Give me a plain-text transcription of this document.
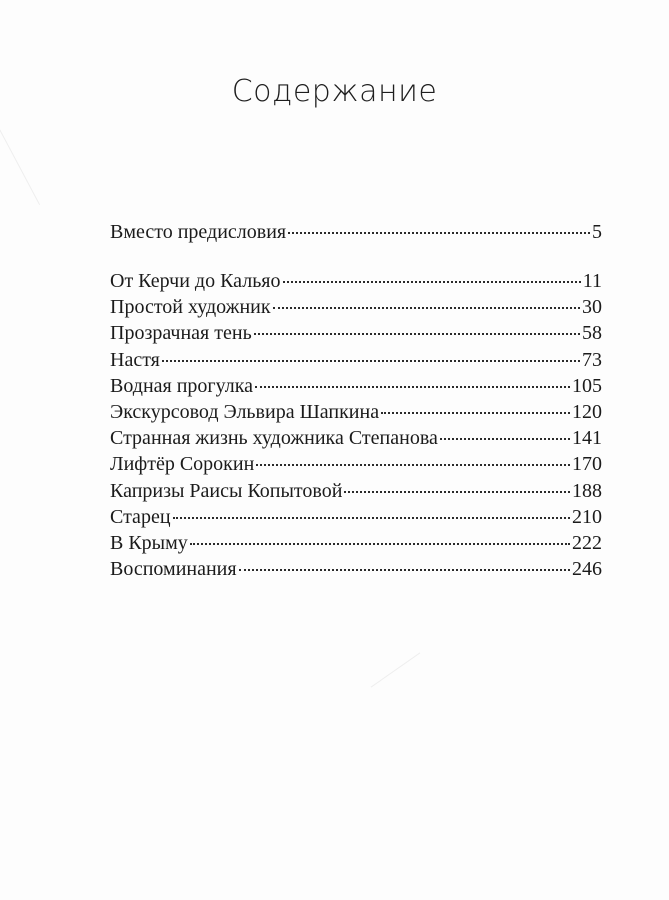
Содержание
Вместо предисловия	5
От Керчи до Кальяо	11
Простой художник	30
Прозрачная тень	58
Настя	73
Водная прогулка	105
Экскурсовод Эльвира Шапкина	120
Странная жизнь художника Степанова	141
Лифтёр Сорокин	170
Капризы Раисы Копытовой	188
Старец	210
В Крыму	222
Воспоминания	246
